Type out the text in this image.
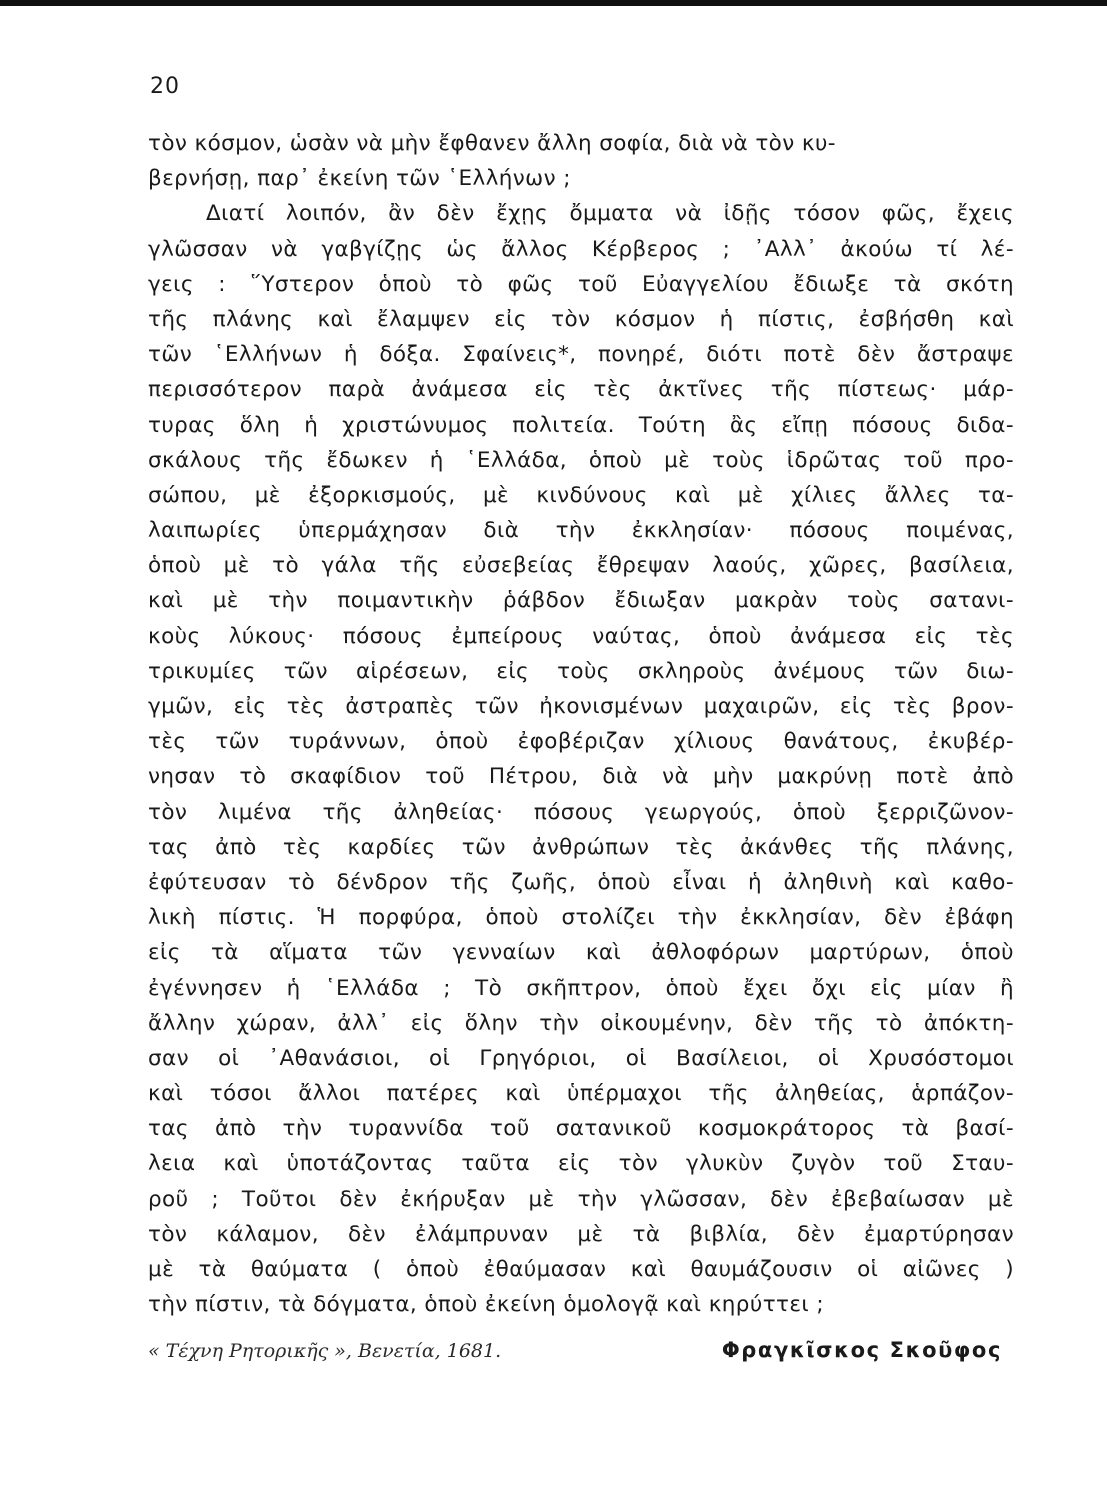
20
τὸν κόσμον, ὡσὰν νὰ μὴν ἔφθανεν ἄλλη σοφία, διὰ νὰ τὸν κυ-
βερνήσῃ, παρ᾽ ἐκείνη τῶν ῾Ελλήνων ;
Διατί λοιπόν, ἂν δὲν ἔχῃς ὄμματα νὰ ἰδῇς τόσον φῶς, ἔχεις
γλῶσσαν νὰ γαβγίζῃς ὡς ἄλλος Κέρβερος ; ᾽Αλλ᾽ ἀκούω τί λέ-
γεις : ῞Υστερον ὁποὺ τὸ φῶς τοῦ Εὐαγγελίου ἔδιωξε τὰ σκότη
τῆς πλάνης καὶ ἔλαμψεν εἰς τὸν κόσμον ἡ πίστις, ἐσβήσθη καὶ
τῶν ῾Ελλήνων ἡ δόξα. Σφαίνεις*, πονηρέ, διότι ποτὲ δὲν ἄστραψε
περισσότερον παρὰ ἀνάμεσα εἰς τὲς ἀκτῖνες τῆς πίστεως· μάρ-
τυρας ὅλη ἡ χριστώνυμος πολιτεία. Τούτη ἂς εἴπῃ πόσους διδα-
σκάλους τῆς ἔδωκεν ἡ ῾Ελλάδα, ὁποὺ μὲ τοὺς ἱδρῶτας τοῦ προ-
σώπου, μὲ ἐξορκισμούς, μὲ κινδύνους καὶ μὲ χίλιες ἄλλες τα-
λαιπωρίες ὑπερμάχησαν διὰ τὴν ἐκκλησίαν· πόσους ποιμένας,
ὁποὺ μὲ τὸ γάλα τῆς εὐσεβείας ἔθρεψαν λαούς, χῶρες, βασίλεια,
καὶ μὲ τὴν ποιμαντικὴν ῥάβδον ἔδιωξαν μακρὰν τοὺς σατανι-
κοὺς λύκους· πόσους ἐμπείρους ναύτας, ὁποὺ ἀνάμεσα εἰς τὲς
τρικυμίες τῶν αἱρέσεων, εἰς τοὺς σκληροὺς ἀνέμους τῶν διω-
γμῶν, εἰς τὲς ἀστραπὲς τῶν ἠκονισμένων μαχαιρῶν, εἰς τὲς βρον-
τὲς τῶν τυράννων, ὁποὺ ἐφοβέριζαν χίλιους θανάτους, ἐκυβέρ-
νησαν τὸ σκαφίδιον τοῦ Πέτρου, διὰ νὰ μὴν μακρύνῃ ποτὲ ἀπὸ
τὸν λιμένα τῆς ἀληθείας· πόσους γεωργούς, ὁποὺ ξερριζῶνον-
τας ἀπὸ τὲς καρδίες τῶν ἀνθρώπων τὲς ἀκάνθες τῆς πλάνης,
ἐφύτευσαν τὸ δένδρον τῆς ζωῆς, ὁποὺ εἶναι ἡ ἀληθινὴ καὶ καθο-
λικὴ πίστις. Ἡ πορφύρα, ὁποὺ στολίζει τὴν ἐκκλησίαν, δὲν ἐβάφη
εἰς τὰ αἵματα τῶν γενναίων καὶ ἀθλοφόρων μαρτύρων, ὁποὺ
ἐγέννησεν ἡ ῾Ελλάδα ; Τὸ σκῆπτρον, ὁποὺ ἔχει ὄχι εἰς μίαν ἢ
ἄλλην χώραν, ἀλλ᾽ εἰς ὅλην τὴν οἰκουμένην, δὲν τῆς τὸ ἀπόκτη-
σαν οἱ ᾽Αθανάσιοι, οἱ Γρηγόριοι, οἱ Βασίλειοι, οἱ Χρυσόστομοι
καὶ τόσοι ἄλλοι πατέρες καὶ ὑπέρμαχοι τῆς ἀληθείας, ἁρπάζον-
τας ἀπὸ τὴν τυραννίδα τοῦ σατανικοῦ κοσμοκράτορος τὰ βασί-
λεια καὶ ὑποτάζοντας ταῦτα εἰς τὸν γλυκὺν ζυγὸν τοῦ Σταυ-
ροῦ ; Τοῦτοι δὲν ἐκήρυξαν μὲ τὴν γλῶσσαν, δὲν ἐβεβαίωσαν μὲ
τὸν κάλαμον, δὲν ἐλάμπρυναν μὲ τὰ βιβλία, δὲν ἐμαρτύρησαν
μὲ τὰ θαύματα ( ὁποὺ ἐθαύμασαν καὶ θαυμάζουσιν οἱ αἰῶνες )
τὴν πίστιν, τὰ δόγματα, ὁποὺ ἐκείνη ὁμολογᾷ καὶ κηρύττει ;
« Τέχνη Ρητορικῆς », Βενετία, 1681.	Φραγκῖσκος Σκοῦφος
